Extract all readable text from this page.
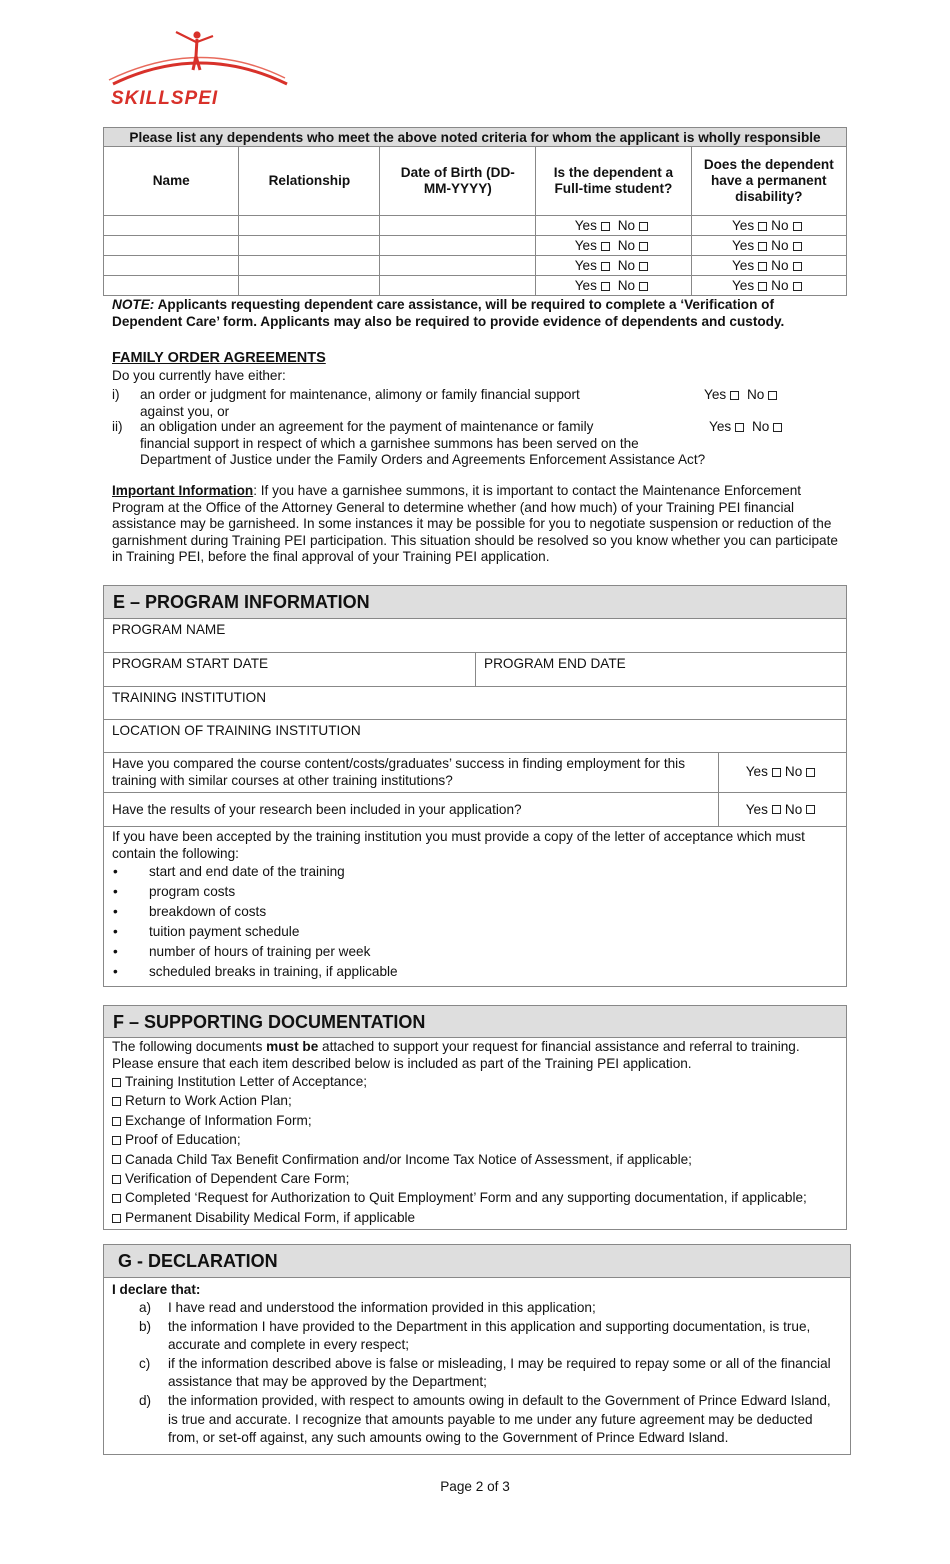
SKILLSPEI
Please list any dependents who meet the above noted criteria for whom the applicant is wholly responsible				
Name	Relationship	Date of Birth (DD-MM-YYYY)	Is the dependent a Full-time student?	Does the dependent have a permanent disability?
			Yes No	Yes No
			Yes No	Yes No
			Yes No	Yes No
			Yes No	Yes No
NOTE: Applicants requesting dependent care assistance, will be required to complete a ‘Verification of Dependent Care’ form. Applicants may also be required to provide evidence of dependents and custody.
FAMILY ORDER AGREEMENTS
Do you currently have either:
i) an order or judgment for maintenance, alimony or family financial support
against you, or
Yes No
ii) an obligation under an agreement for the payment of maintenance or family
financial support in respect of which a garnishee summons has been served on the
Department of Justice under the Family Orders and Agreements Enforcement Assistance Act?
Yes No
Important Information: If you have a garnishee summons, it is important to contact the Maintenance Enforcement Program at the Office of the Attorney General to determine whether (and how much) of your Training PEI financial assistance may be garnisheed. In some instances it may be possible for you to negotiate suspension or reduction of the garnishment during Training PEI participation. This situation should be resolved so you know whether you can participate in Training PEI, before the final approval of your Training PEI application.
E – PROGRAM INFORMATION
PROGRAM NAME
PROGRAM START DATE	PROGRAM END DATE
TRAINING INSTITUTION
LOCATION OF TRAINING INSTITUTION
Have you compared the course content/costs/graduates’ success in finding employment for this training with similar courses at other training institutions?
Yes No
Have the results of your research been included in your application?	Yes No
If you have been accepted by the training institution you must provide a copy of the letter of acceptance which must contain the following:
• start and end date of the training
• program costs
• breakdown of costs
• tuition payment schedule
• number of hours of training per week
• scheduled breaks in training, if applicable
F – SUPPORTING DOCUMENTATION
The following documents must be attached to support your request for financial assistance and referral to training. Please ensure that each item described below is included as part of the Training PEI application.
Training Institution Letter of Acceptance;
Return to Work Action Plan;
Exchange of Information Form;
Proof of Education;
Canada Child Tax Benefit Confirmation and/or Income Tax Notice of Assessment, if applicable;
Verification of Dependent Care Form;
Completed ‘Request for Authorization to Quit Employment’ Form and any supporting documentation, if applicable;
Permanent Disability Medical Form, if applicable
G - DECLARATION
I declare that:
a) I have read and understood the information provided in this application;
b) the information I have provided to the Department in this application and supporting documentation, is true, accurate and complete in every respect;
c) if the information described above is false or misleading, I may be required to repay some or all of the financial assistance that may be approved by the Department;
d) the information provided, with respect to amounts owing in default to the Government of Prince Edward Island, is true and accurate. I recognize that amounts payable to me under any future agreement may be deducted from, or set-off against, any such amounts owing to the Government of Prince Edward Island.
Page 2 of 3
